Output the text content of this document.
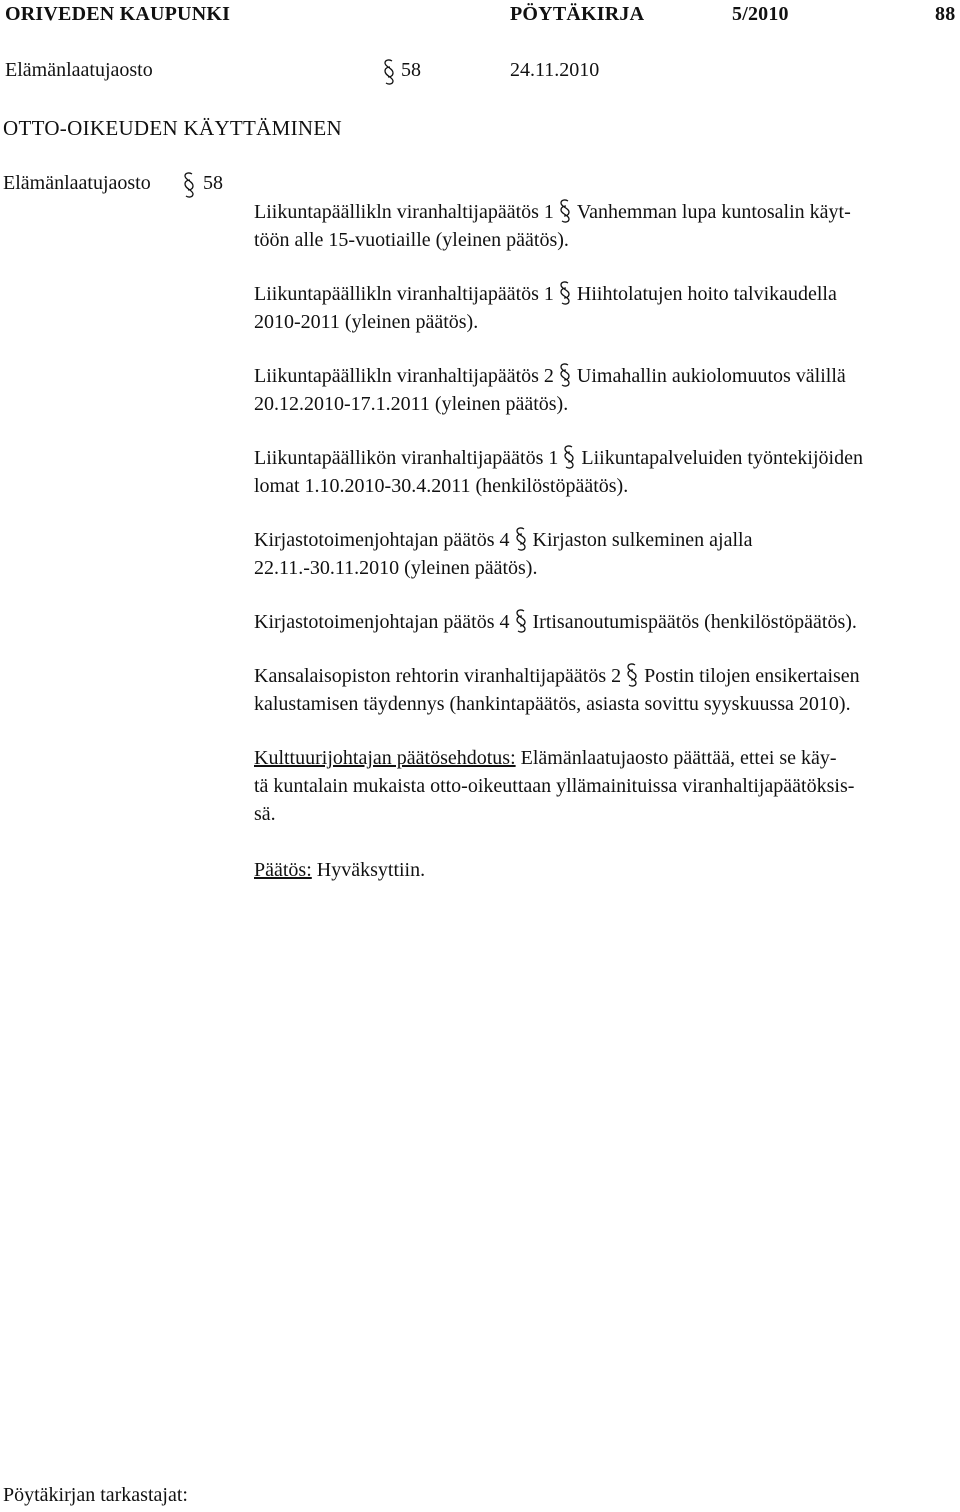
ORIVEDEN KAUPUNKI	PÖYTÄKIRJA	5/2010	88
Elämänlaatujaosto	58	24.11.2010
OTTO-OIKEUDEN KÄYTTÄMINEN
Elämänlaatujaosto	58

Liikuntapäällikln viranhaltijapäätös 1 Vanhemman lupa kuntosalin käyt-
töön alle 15-vuotiaille (yleinen päätös).

Liikuntapäällikln viranhaltijapäätös 1 Hiihtolatujen hoito talvikaudella
2010-2011 (yleinen päätös).

Liikuntapäällikln viranhaltijapäätös 2 Uimahallin aukiolomuutos välillä
20.12.2010-17.1.2011 (yleinen päätös).

Liikuntapäällikön viranhaltijapäätös 1 Liikuntapalveluiden työntekijöiden
lomat 1.10.2010-30.4.2011 (henkilöstöpäätös).

Kirjastotoimenjohtajan päätös 4 Kirjaston sulkeminen ajalla
22.11.-30.11.2010 (yleinen päätös).

Kirjastotoimenjohtajan päätös 4 Irtisanoutumispäätös (henkilöstöpäätös).

Kansalaisopiston rehtorin viranhaltijapäätös 2 Postin tilojen ensikertaisen
kalustamisen täydennys (hankintapäätös, asiasta sovittu syyskuussa 2010).

Kulttuurijohtajan päätösehdotus: Elämänlaatujaosto päättää, ettei se käy-
tä kuntalain mukaista otto-oikeuttaan yllämainituissa viranhaltijapäätöksis-
sä.

Päätös: Hyväksyttiin.

Pöytäkirjan tarkastajat:
